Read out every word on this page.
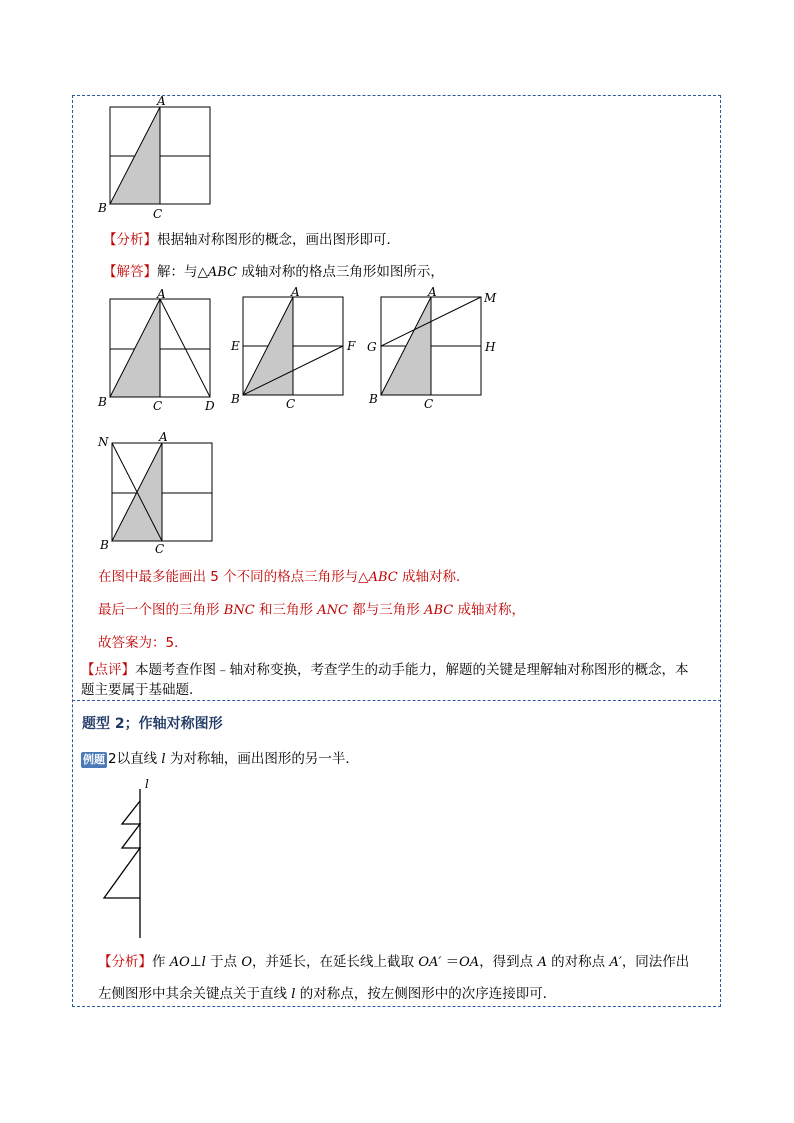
A
B	C
【分析】根据轴对称图形的概念，画出图形即可．
【解答】解：与△ABC 成轴对称的格点三角形如图所示，
A
B	C	D
A
B	C
E	F
A
B	C
G	H
M
A
N
B	C
在图中最多能画出 5 个不同的格点三角形与△ABC 成轴对称．
最后一个图的三角形 BNC 和三角形 ANC 都与三角形 ABC 成轴对称，
故答案为：5．
【点评】本题考查作图﹣轴对称变换，考查学生的动手能力，解题的关键是理解轴对称图形的概念，本
题主要属于基础题．
题型 2；作轴对称图形
例题 2以直线 l 为对称轴，画出图形的另一半．
l
【分析】作 AO⊥l 于点 O，并延长，在延长线上截取 OA′ ＝OA，得到点 A 的对称点 A′，同法作出
左侧图形中其余关键点关于直线 l 的对称点，按左侧图形中的次序连接即可．
